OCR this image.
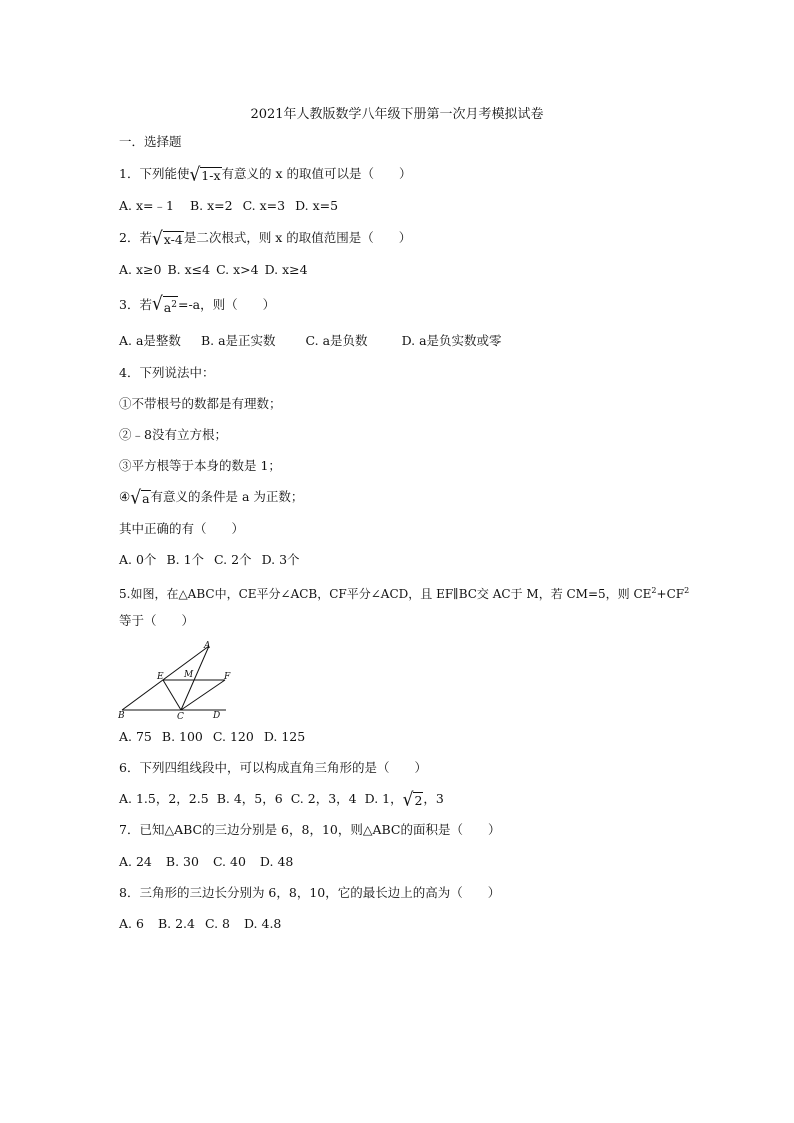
2021年人教版数学八年级下册第一次月考模拟试卷
一．选择题
1．下列能使 √ 1-x 有意义的 x 的取值可以是（　　）
A. x=﹣1 B. x=2 C. x=3 D. x=5
2．若 √ x-4 是二次根式，则 x 的取值范围是（　　）
A. x≥0 B. x≤4 C. x>4 D. x≥4
3．若 √ $a^2 =-a$，则（　　）
A. a是整数 B. a是正实数 C. a是负数	D. a是负实数或零
4．下列说法中：
①不带根号的数都是有理数；
②﹣8没有立方根；
③平方根等于本身的数是 1；
④ √ a 有意义的条件是 a 为正数；
其中正确的有（　　）
A. 0个 B. 1个 C. 2个 D. 3个
5.如图，在△ABC中，CE平分∠ACB，CF平分∠ACD，且 EF∥BC交 AC于 M，若 CM=5，则 $CE^2+CF^2$
等于（　　）
A
B	C	D
E	F
M
A. 75 B. 100 C. 120 D. 125
6．下列四组线段中，可以构成直角三角形的是（　　）
A. 1.5，2，2.5 B. 4，5，6 C. 2，3，4 D. 1， √ 2 ，3
7．已知△ABC的三边分别是 6，8，10，则△ABC的面积是（　　）
A. 24 B. 30 C. 40 D. 48
8．三角形的三边长分别为 6，8，10，它的最长边上的高为（　　）
A. 6 B. 2.4 C. 8 D. 4.8
